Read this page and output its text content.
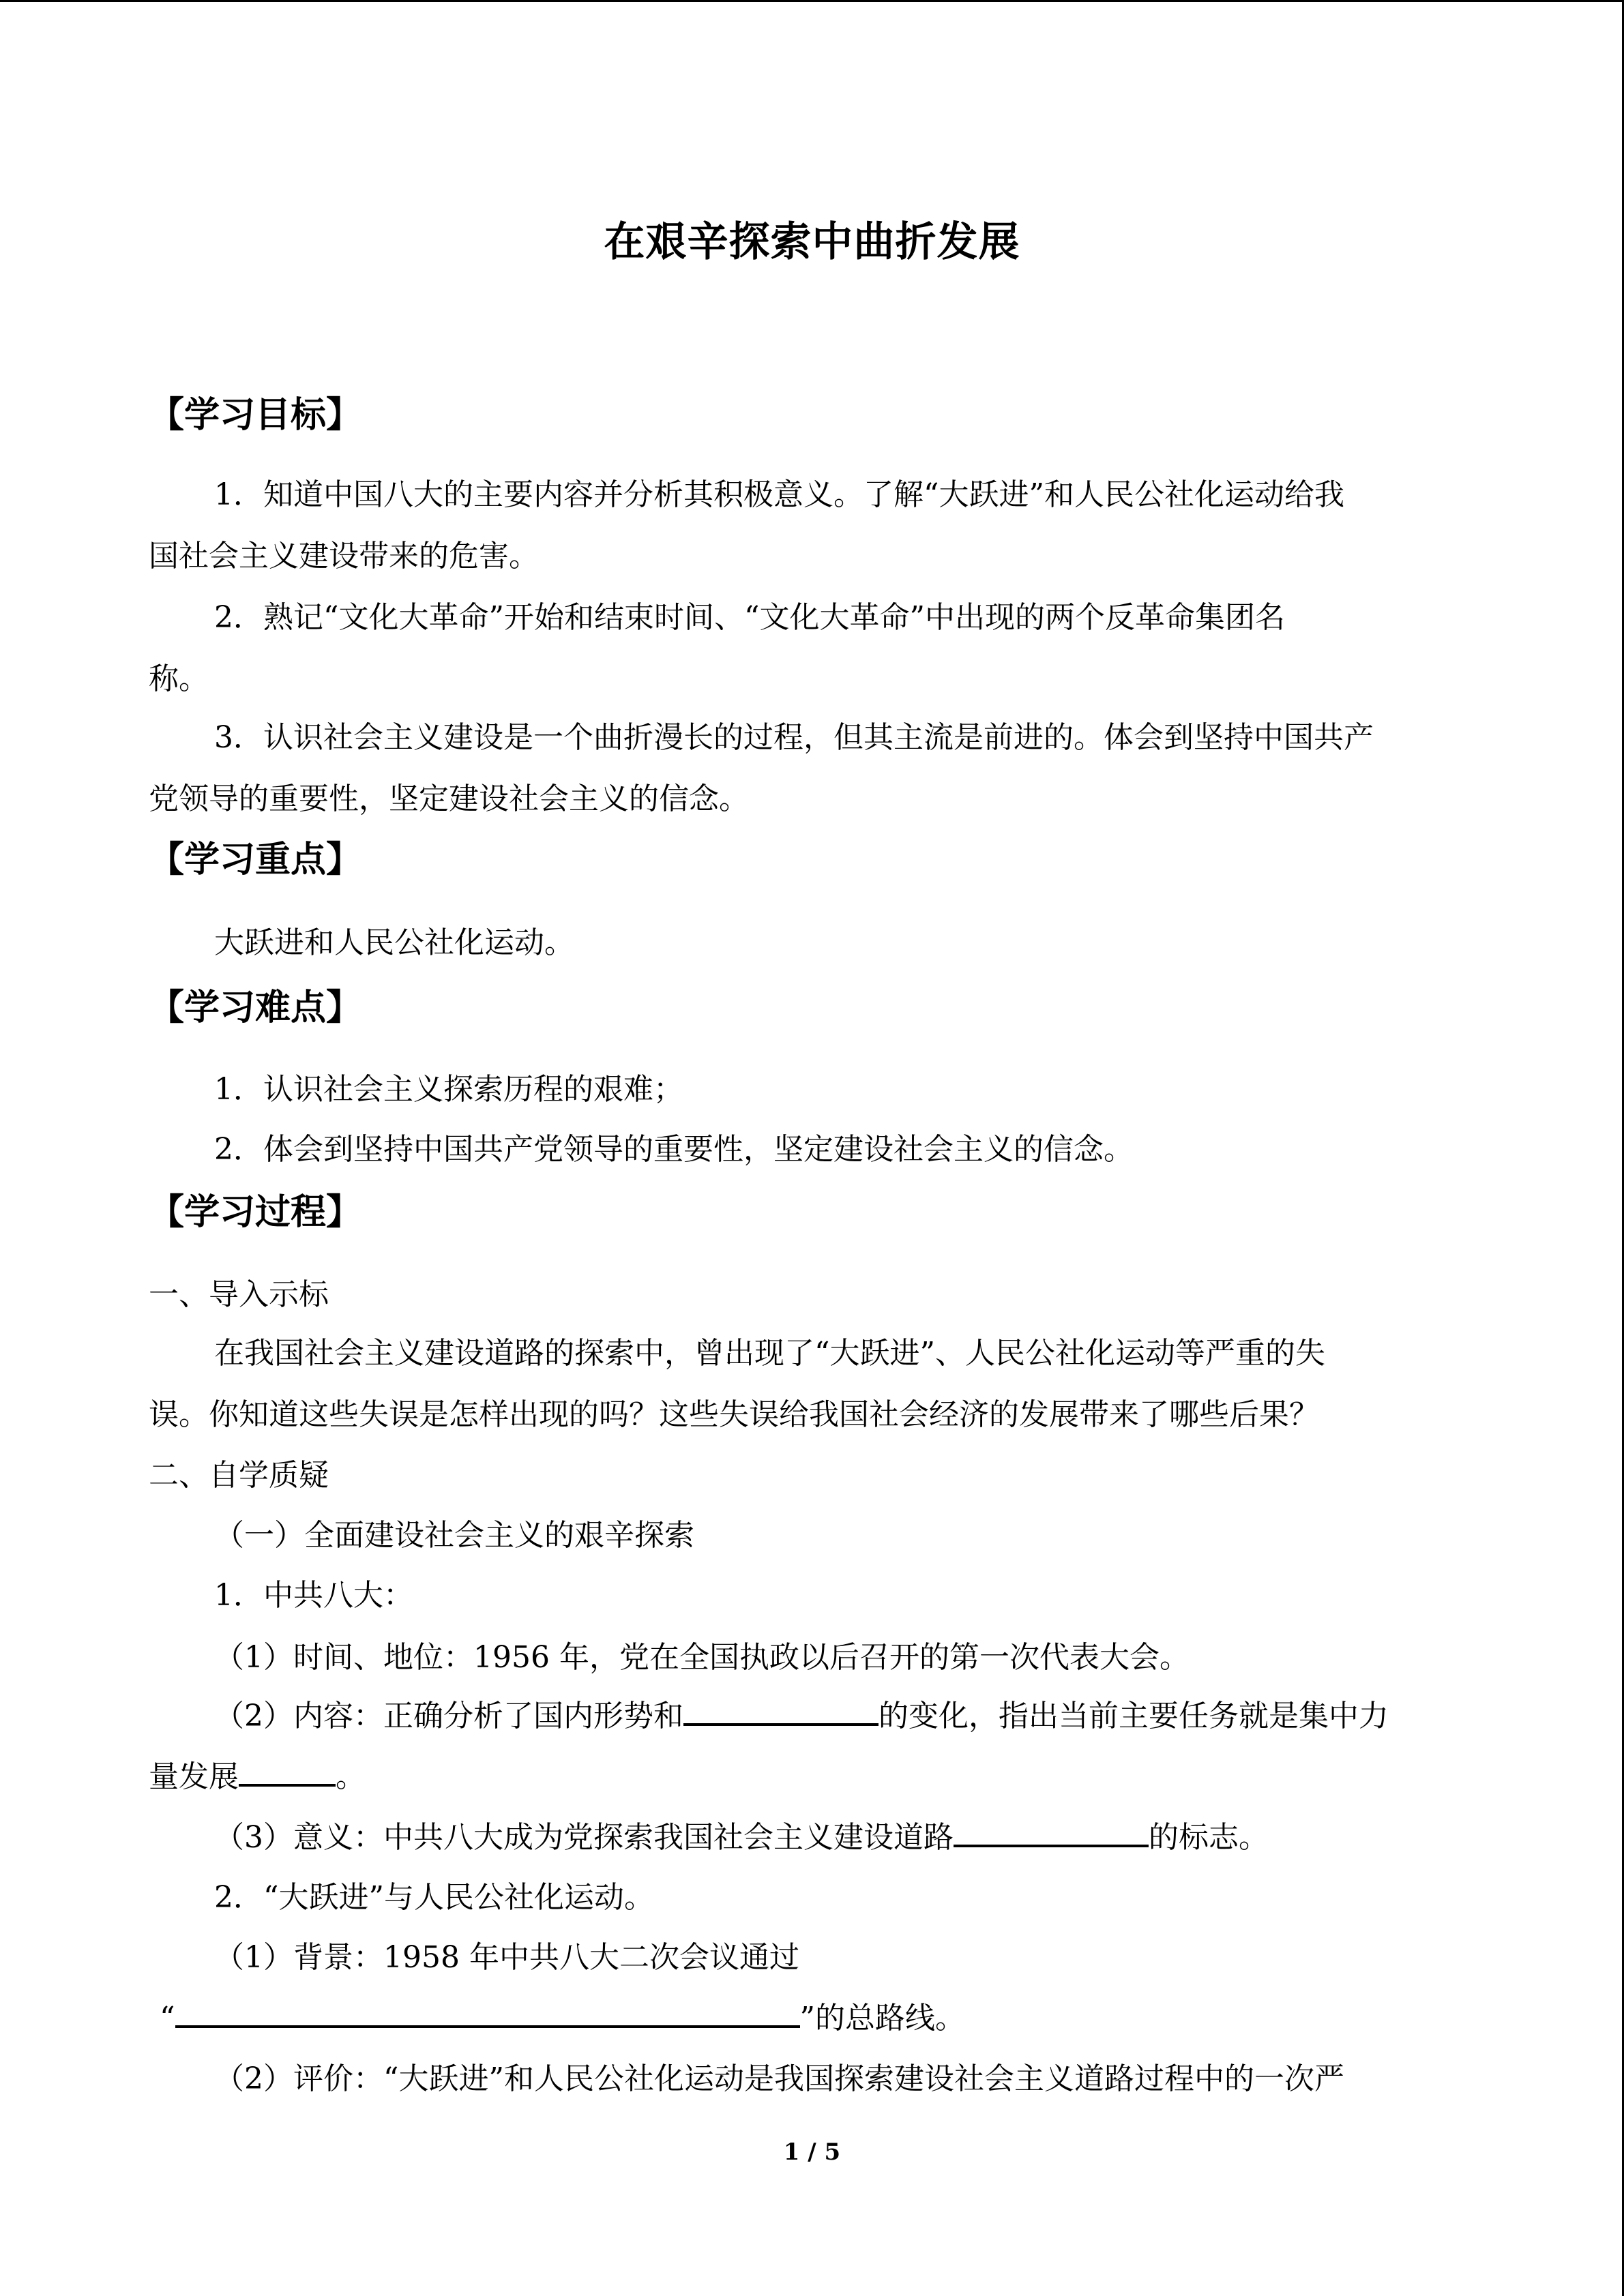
在艰辛探索中曲折发展
【学习目标】
1．知道中国八大的主要内容并分析其积极意义。了解“大跃进”和人民公社化运动给我
国社会主义建设带来的危害。
2．熟记“文化大革命”开始和结束时间、“文化大革命”中出现的两个反革命集团名
称。
3．认识社会主义建设是一个曲折漫长的过程，但其主流是前进的。体会到坚持中国共产
党领导的重要性，坚定建设社会主义的信念。
【学习重点】
大跃进和人民公社化运动。
【学习难点】
1．认识社会主义探索历程的艰难；
2．体会到坚持中国共产党领导的重要性，坚定建设社会主义的信念。
【学习过程】
一、导入示标
在我国社会主义建设道路的探索中，曾出现了“大跃进”、人民公社化运动等严重的失
误。你知道这些失误是怎样出现的吗？这些失误给我国社会经济的发展带来了哪些后果？
二、自学质疑
（一）全面建设社会主义的艰辛探索
1．中共八大：
（1）时间、地位：1956 年，党在全国执政以后召开的第一次代表大会。
（2）内容：正确分析了国内形势和	的变化，指出当前主要任务就是集中力
量发展	。
（3）意义：中共八大成为党探索我国社会主义建设道路	的标志。
2．“大跃进”与人民公社化运动。
（1）背景：1958 年中共八大二次会议通过
“	”的总路线。
（2）评价：“大跃进”和人民公社化运动是我国探索建设社会主义道路过程中的一次严
1 / 5
